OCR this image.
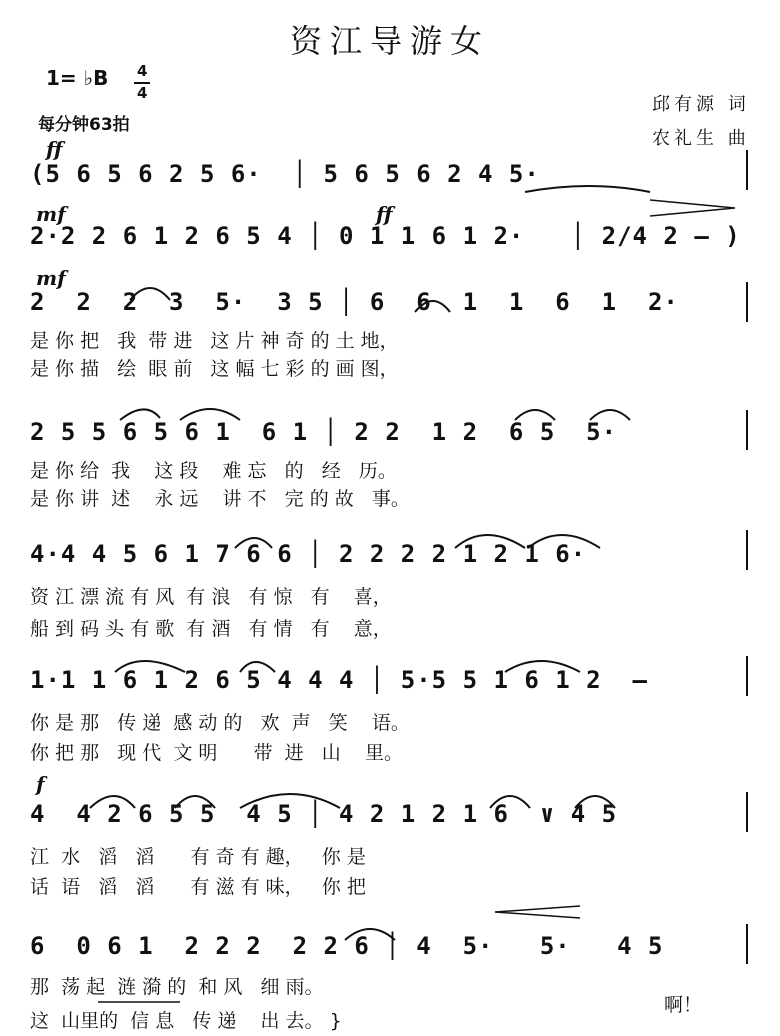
资江导游女
1= ♭B 4
4
每分钟63拍
邱有源 词
农礼生 曲
ff
mf	ff
mf
f
(5 6 5 6 2 5 6·  │ 5 6 5 6 2 4 5·
2·2 2 6 1 2 6 5 4 │ 0 1 1 6 1 2·   │ 2/4 2 – )
2  2  2  3  5·  3 5 │ 6  6  1  1  6  1  2·
是 你 把   我  带 进   这 片 神 奇 的 土 地，
是 你 描   绘  眼 前   这 幅 七 彩 的 画 图，
2 5 5 6 5 6 1  6 1 │ 2 2  1 2  6 5  5·
是 你 给  我    这 段    难 忘   的   经   历。
是 你 讲  述    永 远    讲 不   完 的 故   事。
4·4 4 5 6 1 7 6 6 │ 2 2 2 2 1 2 1 6·
资 江 漂 流 有 风  有 浪   有 惊   有    喜，
船 到 码 头 有 歌  有 酒   有 情   有    意，
1·1 1 6 1 2 6 5 4 4 4 │ 5·5 5 1 6 1 2  –
你 是 那   传 递  感 动 的   欢  声   笑    语。
你 把 那   现 代  文 明      带  进   山    里。
4  4 2 6 5 5  4 5 │ 4 2 1 2 1 6  ∨ 4 5
江  水   滔   滔      有 奇 有 趣，   你 是
话  语   滔   滔      有 滋 有 味，   你 把
6  0 6 1  2 2 2  2 2 6 │ 4  5·   5·   4 5
那  荡 起  涟 漪 的  和 风   细 雨。
这  山里的  信 息   传 递    出 去。 }
啊！
